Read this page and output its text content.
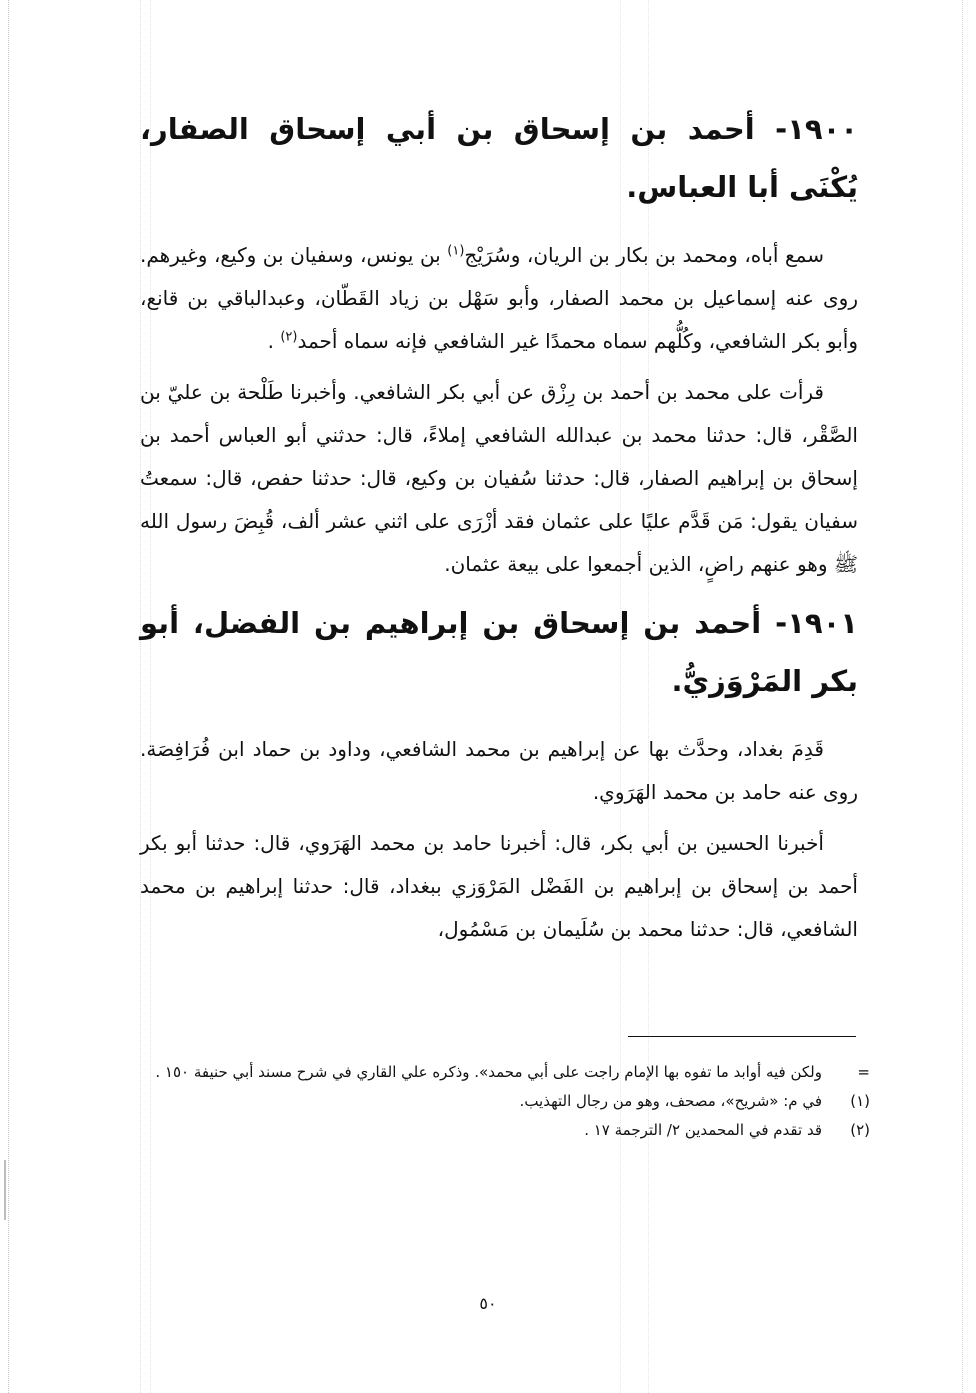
١٩٠٠- أحمد بن إسحاق بن أبي إسحاق الصفار، يُكْنَى أبا العباس.

سمع أباه، ومحمد بن بكار بن الريان، وسُرَيْج$^{(١)}$ بن يونس، وسفيان بن وكيع، وغيرهم. روى عنه إسماعيل بن محمد الصفار، وأبو سَهْل بن زياد القَطّان، وعبدالباقي بن قانع، وأبو بكر الشافعي، وكُلُّهم سماه محمدًا غير الشافعي فإنه سماه أحمد$^{(٢)}$ .

قرأت على محمد بن أحمد بن رِزْق عن أبي بكر الشافعي. وأخبرنا طَلْحة بن عليّ بن الصَّقْر، قال: حدثنا محمد بن عبدالله الشافعي إملاءً، قال: حدثني أبو العباس أحمد بن إسحاق بن إبراهيم الصفار، قال: حدثنا سُفيان بن وكيع، قال: حدثنا حفص، قال: سمعتُ سفيان يقول: مَن قَدَّم عليًا على عثمان فقد أزْرَى على اثني عشر ألف، قُبِضَ رسول الله ﷺ وهو عنهم راضٍ، الذين أجمعوا على بيعة عثمان.

١٩٠١- أحمد بن إسحاق بن إبراهيم بن الفضل، أبو بكر المَرْوَزيُّ.

قَدِمَ بغداد، وحدَّث بها عن إبراهيم بن محمد الشافعي، وداود بن حماد ابن فُرَافِصَة. روى عنه حامد بن محمد الهَرَوي.

أخبرنا الحسين بن أبي بكر، قال: أخبرنا حامد بن محمد الهَرَوي، قال: حدثنا أبو بكر أحمد بن إسحاق بن إبراهيم بن الفَضْل المَرْوَزي ببغداد، قال: حدثنا إبراهيم بن محمد الشافعي، قال: حدثنا محمد بن سُلَيمان بن مَسْمُول،

=
ولكن فيه أوابد ما تفوه بها الإمام راجت على أبي محمد». وذكره علي القاري في شرح مسند أبي حنيفة ١٥٠ .
(١)
في م: «شريح»، مصحف، وهو من رجال التهذيب.
(٢)
قد تقدم في المحمدين ٢/ الترجمة ١٧ .
٥٠
